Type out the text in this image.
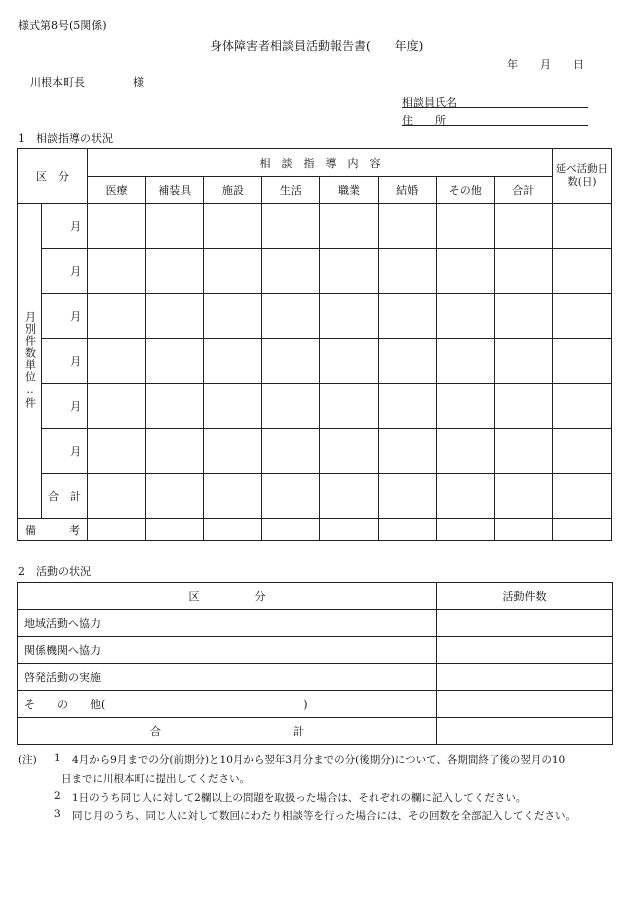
様式第8号(5関係)
身体障害者相談員活動報告書(　　年度)
年　　月　　日
川根本町長	様
相談員氏名
住　　所
1　相談指導の状況
区　分		相　談　指　導　内　容								延べ活動日　数(日)
		医療	補装具	施設	生活	職業	結婚	その他	合計	
月別件数単位‥件	月									
	月									
	月									
	月									
	月									
	月									
	合　計									
備　　　考										
2　活動の状況
区　　　　　分	活動件数
地域活動へ協力	
関係機関へ協力	
啓発活動の実施	
そ　　の　　他(　　　　　　　　　　　　　　　　　　)	
合　　　　　　　　　　　　計	
(注) 1 4月から9月までの分(前期分)と10月から翌年3月分までの分(後期分)について、各期間終了後の翌月の10
日までに川根本町に提出してください。
2 1日のうち同じ人に対して2欄以上の問題を取扱った場合は、それぞれの欄に記入してください。
3 同じ月のうち、同じ人に対して数回にわたり相談等を行った場合には、その回数を全部記入してください。
